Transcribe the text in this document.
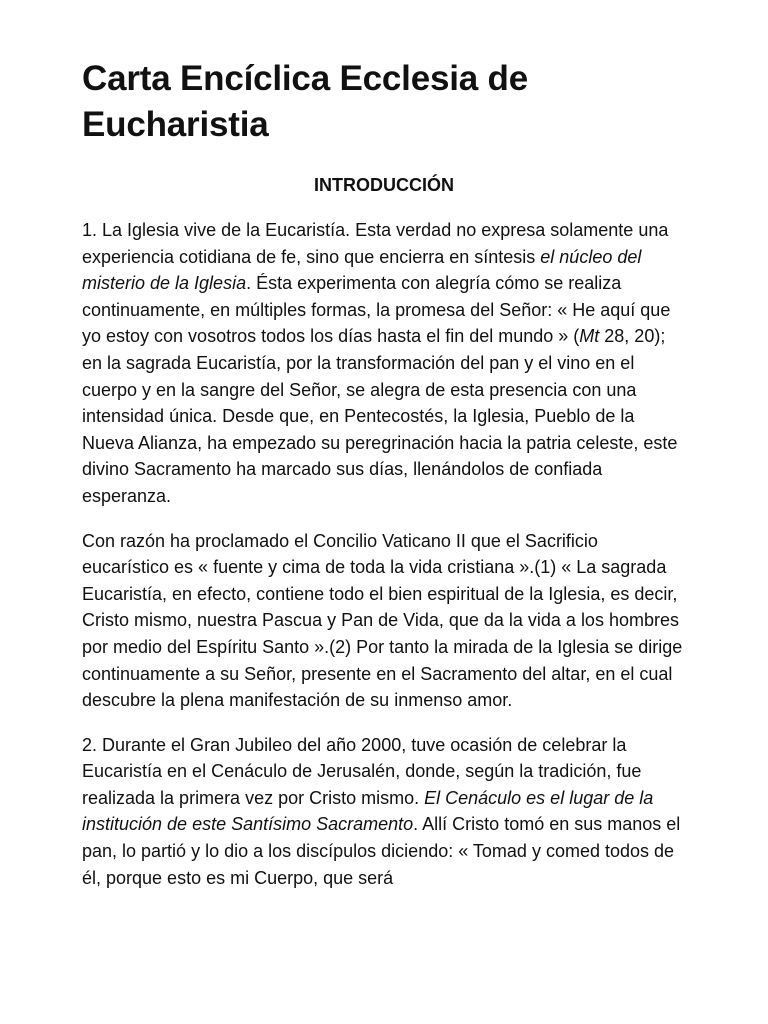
Carta Encíclica Ecclesia de Eucharistia
INTRODUCCIÓN

1. La Iglesia vive de la Eucaristía. Esta verdad no expresa solamente una experiencia cotidiana de fe, sino que encierra en síntesis el núcleo del misterio de la Iglesia. Ésta experimenta con alegría cómo se realiza continuamente, en múltiples formas, la promesa del Señor: « He aquí que yo estoy con vosotros todos los días hasta el fin del mundo » (Mt 28, 20); en la sagrada Eucaristía, por la transformación del pan y el vino en el cuerpo y en la sangre del Señor, se alegra de esta presencia con una intensidad única. Desde que, en Pentecostés, la Iglesia, Pueblo de la Nueva Alianza, ha empezado su peregrinación hacia la patria celeste, este divino Sacramento ha marcado sus días, llenándolos de confiada esperanza.

Con razón ha proclamado el Concilio Vaticano II que el Sacrificio eucarístico es « fuente y cima de toda la vida cristiana ».(1) « La sagrada Eucaristía, en efecto, contiene todo el bien espiritual de la Iglesia, es decir, Cristo mismo, nuestra Pascua y Pan de Vida, que da la vida a los hombres por medio del Espíritu Santo ».(2) Por tanto la mirada de la Iglesia se dirige continuamente a su Señor, presente en el Sacramento del altar, en el cual descubre la plena manifestación de su inmenso amor.

2. Durante el Gran Jubileo del año 2000, tuve ocasión de celebrar la Eucaristía en el Cenáculo de Jerusalén, donde, según la tradición, fue realizada la primera vez por Cristo mismo. El Cenáculo es el lugar de la institución de este Santísimo Sacramento. Allí Cristo tomó en sus manos el pan, lo partió y lo dio a los discípulos diciendo: « Tomad y comed todos de él, porque esto es mi Cuerpo, que será
